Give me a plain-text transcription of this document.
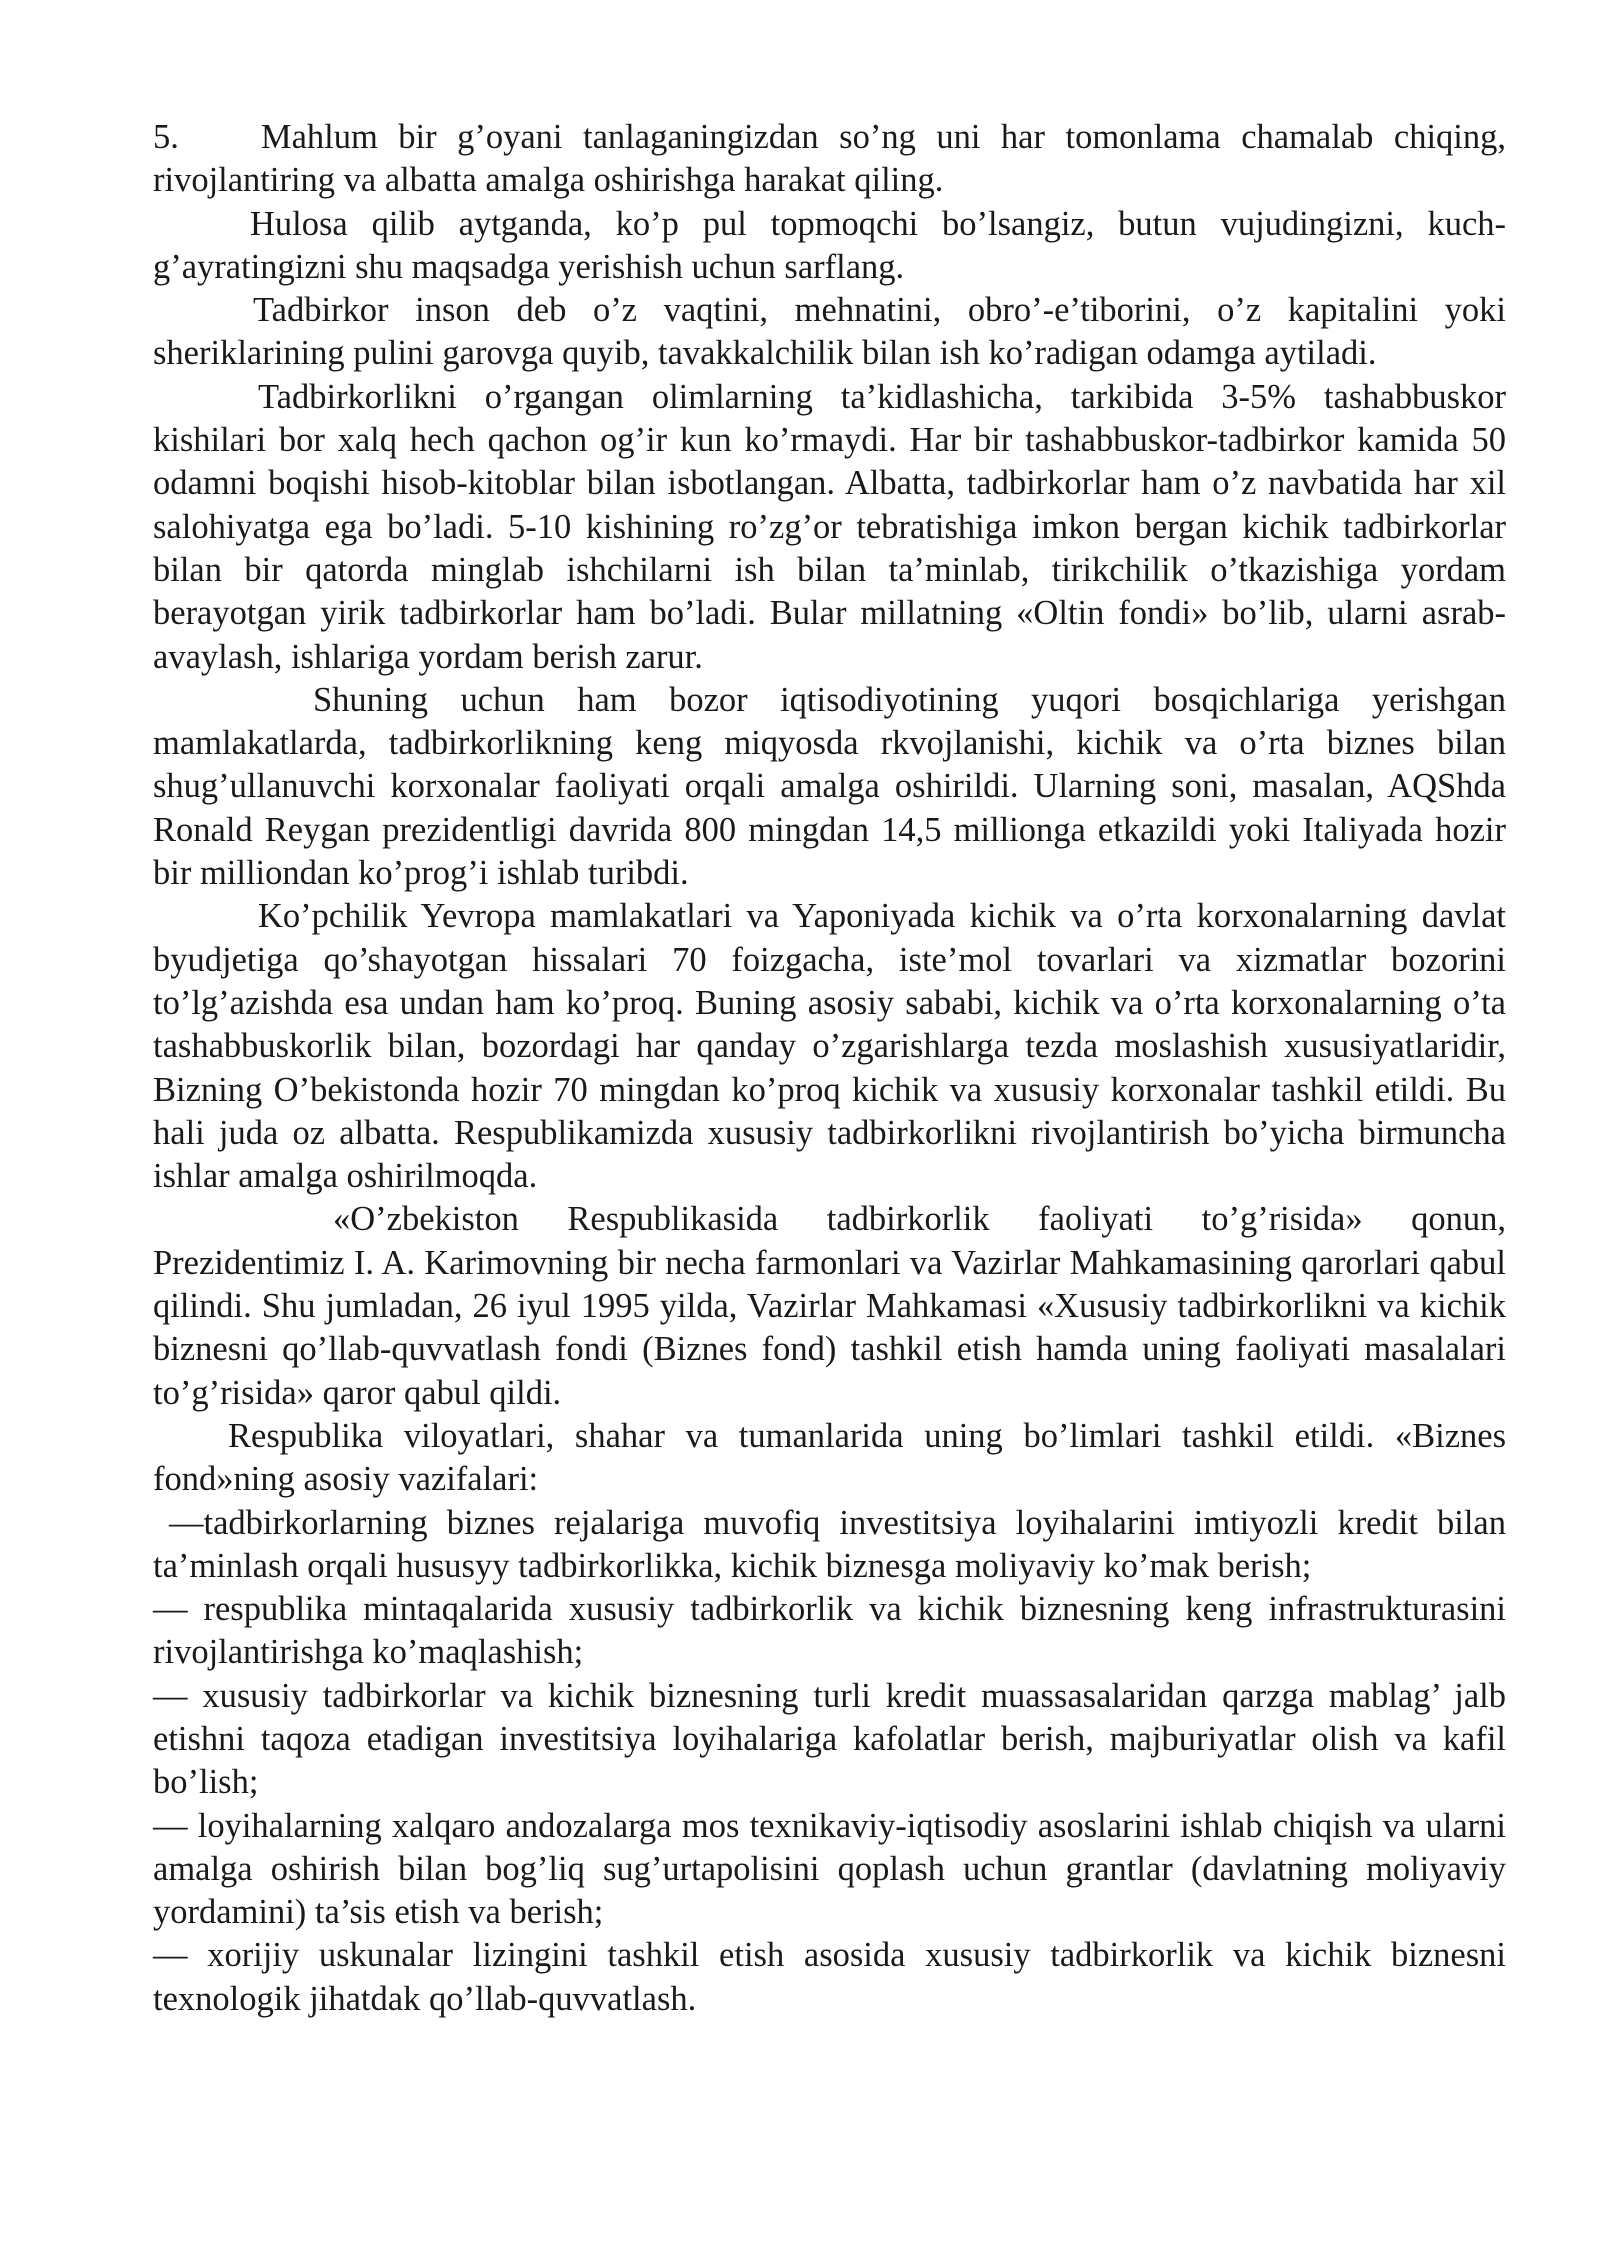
5.    Mahlum bir g’oyani tanlaganingizdan so’ng uni har tomonlama chamalab chiqing, rivojlantiring va albatta amalga oshirishga harakat qiling.

Hulosa qilib aytganda, ko’p pul topmoqchi bo’lsangiz, butun vujudingizni, kuch-g’ayratingizni shu maqsadga yerishish uchun sarflang.

Tadbirkor inson deb o’z vaqtini, mehnatini, obro’-e’tiborini, o’z kapitalini yoki sheriklarining pulini garovga quyib, tavakkalchilik bilan ish ko’radigan odamga aytiladi.

Tadbirkorlikni o’rgangan olimlarning ta’kidlashicha, tarkibida 3-5% tashabbuskor kishilari bor xalq hech qachon og’ir kun ko’rmaydi. Har bir tashabbuskor-tadbirkor kamida 50 odamni boqishi hisob-kitoblar bilan isbotlangan. Albatta, tadbirkorlar ham o’z navbatida har xil salohiyatga ega bo’ladi. 5-10 kishining ro’zg’or tebratishiga imkon bergan kichik tadbirkorlar bilan bir qatorda minglab ishchilarni ish bilan ta’minlab, tirikchilik o’tkazishiga yordam berayotgan yirik tadbirkorlar ham bo’ladi. Bular millatning «Oltin fondi» bo’lib, ularni asrab-avaylash, ishlariga yordam berish zarur.

Shuning uchun ham bozor iqtisodiyotining yuqori bosqichlariga yerishgan mamlakatlarda, tadbirkorlikning keng miqyosda rkvojlanishi, kichik va o’rta biznes bilan shug’ullanuvchi korxonalar faoliyati orqali amalga oshirildi. Ularning soni, masalan, AQShda Ronald Reygan prezidentligi davrida 800 mingdan 14,5 millionga etkazildi yoki Italiyada hozir bir milliondan ko’prog’i ishlab turibdi.

Ko’pchilik Yevropa mamlakatlari va Yaponiyada kichik va o’rta korxonalarning davlat byudjetiga qo’shayotgan hissalari 70 foizgacha, iste’mol tovarlari va xizmatlar bozorini to’lg’azishda esa undan ham ko’proq. Buning asosiy sababi, kichik va o’rta korxonalarning o’ta tashabbuskorlik bilan, bozordagi har qanday o’zgarishlarga tezda moslashish xususiyatlaridir, Bizning O’bekistonda hozir 70 mingdan ko’proq kichik va xususiy korxonalar tashkil etildi. Bu hali juda oz albatta. Respublikamizda xususiy tadbirkorlikni rivojlantirish bo’yicha birmuncha ishlar amalga oshirilmoqda.

«O’zbekiston Respublikasida tadbirkorlik faoliyati to’g’risida» qonun, Prezidentimiz I. A. Karimovning bir necha farmonlari va Vazirlar Mahkamasining qarorlari qabul qilindi. Shu jumladan, 26 iyul 1995 yilda, Vazirlar Mahkamasi «Xususiy tadbirkorlikni va kichik biznesni qo’llab-quvvatlash fondi (Biznes fond) tashkil etish hamda uning faoliyati masalalari to’g’risida» qaror qabul qildi.

Respublika viloyatlari, shahar va tumanlarida uning bo’limlari tashkil etildi. «Biznes fond»ning asosiy vazifalari:

—tadbirkorlarning biznes rejalariga muvofiq investitsiya loyihalarini imtiyozli kredit bilan ta’minlash orqali hususyy tadbirkorlikka, kichik biznesga moliyaviy ko’mak berish;

— respublika mintaqalarida xususiy tadbirkorlik va kichik biznesning keng infrastrukturasini rivojlantirishga ko’maqlashish;

— xususiy tadbirkorlar va kichik biznesning turli kredit muassasalaridan qarzga mablag’ jalb etishni taqoza etadigan investitsiya loyihalariga kafolatlar berish, majburiyatlar olish va kafil bo’lish;

— loyihalarning xalqaro andozalarga mos texnikaviy-iqtisodiy asoslarini ishlab chiqish va ularni amalga oshirish bilan bog’liq sug’urtapolisini qoplash uchun grantlar (davlatning moliyaviy yordamini) ta’sis etish va berish;

— xorijiy uskunalar lizingini tashkil etish asosida xususiy tadbirkorlik va kichik biznesni texnologik jihatdak qo’llab-quvvatlash.
